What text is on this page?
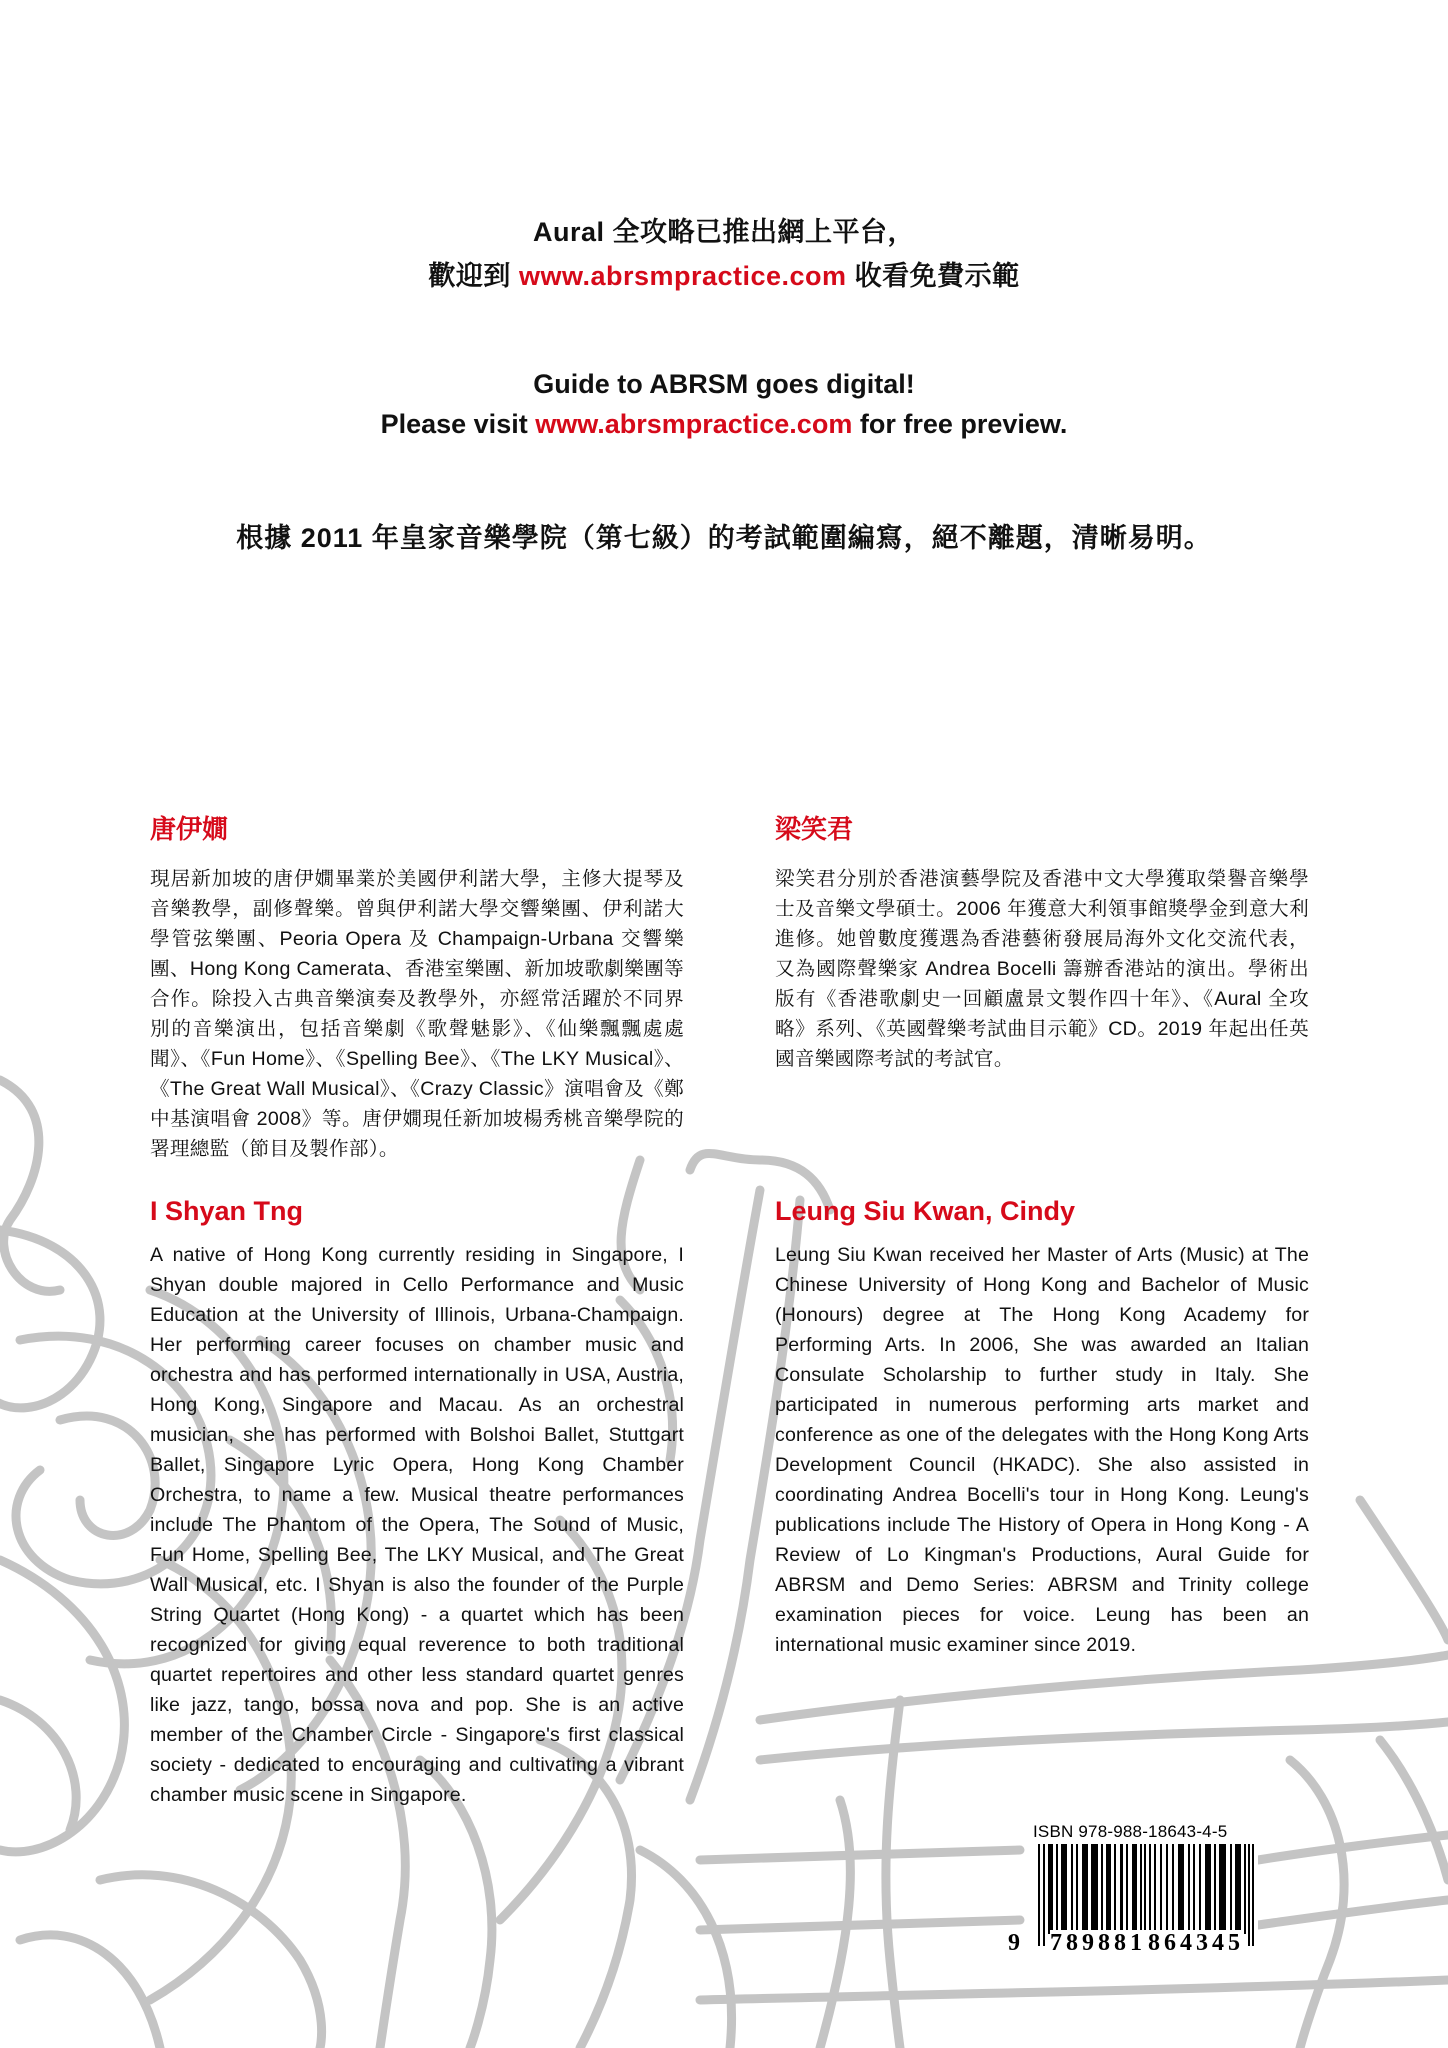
Aural 全攻略已推出網上平台，
歡迎到 www.abrsmpractice.com 收看免費示範
Guide to ABRSM goes digital!
Please visit www.abrsmpractice.com for free preview.
根據 2011 年皇家音樂學院（第七級）的考試範圍編寫，絕不離題，清晰易明。
唐伊嫺

現居新加坡的唐伊嫺畢業於美國伊利諾大學，主修大提琴及音樂教學，副修聲樂。曾與伊利諾大學交響樂團、伊利諾大學管弦樂團、Peoria Opera 及 Champaign-Urbana 交響樂團、Hong Kong Camerata、香港室樂團、新加坡歌劇樂團等合作。除投入古典音樂演奏及教學外，亦經常活躍於不同界別的音樂演出，包括音樂劇《歌聲魅影》、《仙樂飄飄處處聞》、《Fun Home》、《Spelling Bee》、《The LKY Musical》、《The Great Wall Musical》、《Crazy Classic》演唱會及《鄭中基演唱會 2008》等。唐伊嫺現任新加坡楊秀桃音樂學院的署理總監（節目及製作部）。

梁笑君

梁笑君分別於香港演藝學院及香港中文大學獲取榮譽音樂學士及音樂文學碩士。2006 年獲意大利領事館獎學金到意大利進修。她曾數度獲選為香港藝術發展局海外文化交流代表，又為國際聲樂家 Andrea Bocelli 籌辦香港站的演出。學術出版有《香港歌劇史一回顧盧景文製作四十年》、《Aural 全攻略》系列、《英國聲樂考試曲目示範》CD。2019 年起出任英國音樂國際考試的考試官。

I Shyan Tng

A native of Hong Kong currently residing in Singapore, I Shyan double majored in Cello Performance and Music Education at the University of Illinois, Urbana-Champaign. Her performing career focuses on chamber music and orchestra and has performed internationally in USA, Austria, Hong Kong, Singapore and Macau. As an orchestral musician, she has performed with Bolshoi Ballet, Stuttgart Ballet, Singapore Lyric Opera, Hong Kong Chamber Orchestra, to name a few. Musical theatre performances include The Phantom of the Opera, The Sound of Music, Fun Home, Spelling Bee, The LKY Musical, and The Great Wall Musical, etc. I Shyan is also the founder of the Purple String Quartet (Hong Kong) - a quartet which has been recognized for giving equal reverence to both traditional quartet repertoires and other less standard quartet genres like jazz, tango, bossa nova and pop. She is an active member of the Chamber Circle - Singapore's first classical society - dedicated to encouraging and cultivating a vibrant chamber music scene in Singapore.

Leung Siu Kwan, Cindy

Leung Siu Kwan received her Master of Arts (Music) at The Chinese University of Hong Kong and Bachelor of Music (Honours) degree at The Hong Kong Academy for Performing Arts. In 2006, She was awarded an Italian Consulate Scholarship to further study in Italy. She participated in numerous performing arts market and conference as one of the delegates with the Hong Kong Arts Development Council (HKADC). She also assisted in coordinating Andrea Bocelli's tour in Hong Kong. Leung's publications include The History of Opera in Hong Kong - A Review of Lo Kingman's Productions, Aural Guide for ABRSM and Demo Series: ABRSM and Trinity college examination pieces for voice. Leung has been an international music examiner since 2019.

ISBN 978-988-18643-4-5
9 789881 864345
